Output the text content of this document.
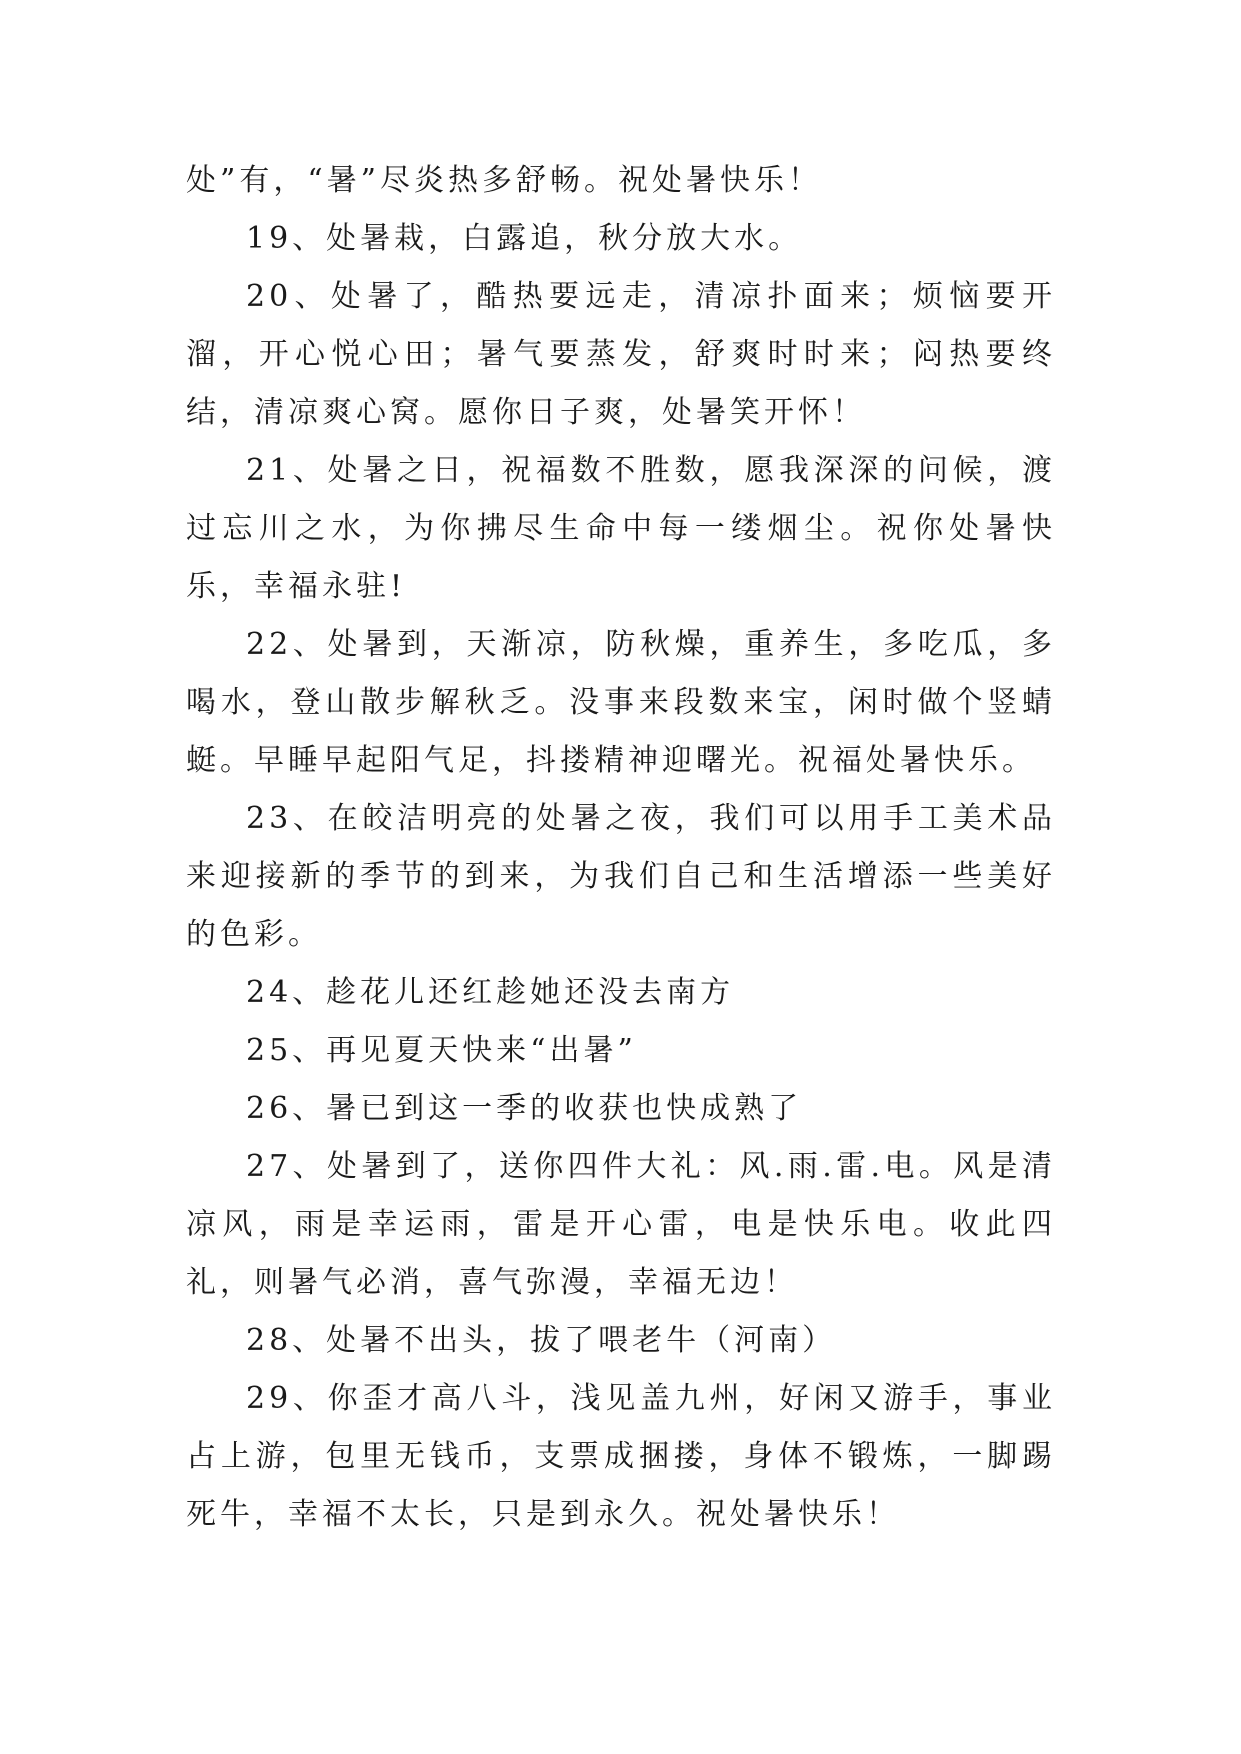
处”有，“暑”尽炎热多舒畅。祝处暑快乐！

19、处暑栽，白露追，秋分放大水。

20、处暑了，酷热要远走，清凉扑面来；烦恼要开溜，开心悦心田；暑气要蒸发，舒爽时时来；闷热要终结，清凉爽心窝。愿你日子爽，处暑笑开怀！

21、处暑之日，祝福数不胜数，愿我深深的问候，渡过忘川之水，为你拂尽生命中每一缕烟尘。祝你处暑快乐，幸福永驻!

22、处暑到，天渐凉，防秋燥，重养生，多吃瓜，多喝水，登山散步解秋乏。没事来段数来宝，闲时做个竖蜻蜓。早睡早起阳气足，抖搂精神迎曙光。祝福处暑快乐。

23、在皎洁明亮的处暑之夜，我们可以用手工美术品来迎接新的季节的到来，为我们自己和生活增添一些美好的色彩。

24、趁花儿还红趁她还没去南方

25、再见夏天快来“出暑”

26、暑已到这一季的收获也快成熟了

27、处暑到了，送你四件大礼：风.雨.雷.电。风是清凉风，雨是幸运雨，雷是开心雷，电是快乐电。收此四礼，则暑气必消，喜气弥漫，幸福无边！

28、处暑不出头，拔了喂老牛（河南）

29、你歪才高八斗，浅见盖九州，好闲又游手，事业占上游，包里无钱币，支票成捆搂，身体不锻炼，一脚踢死牛，幸福不太长，只是到永久。祝处暑快乐！
